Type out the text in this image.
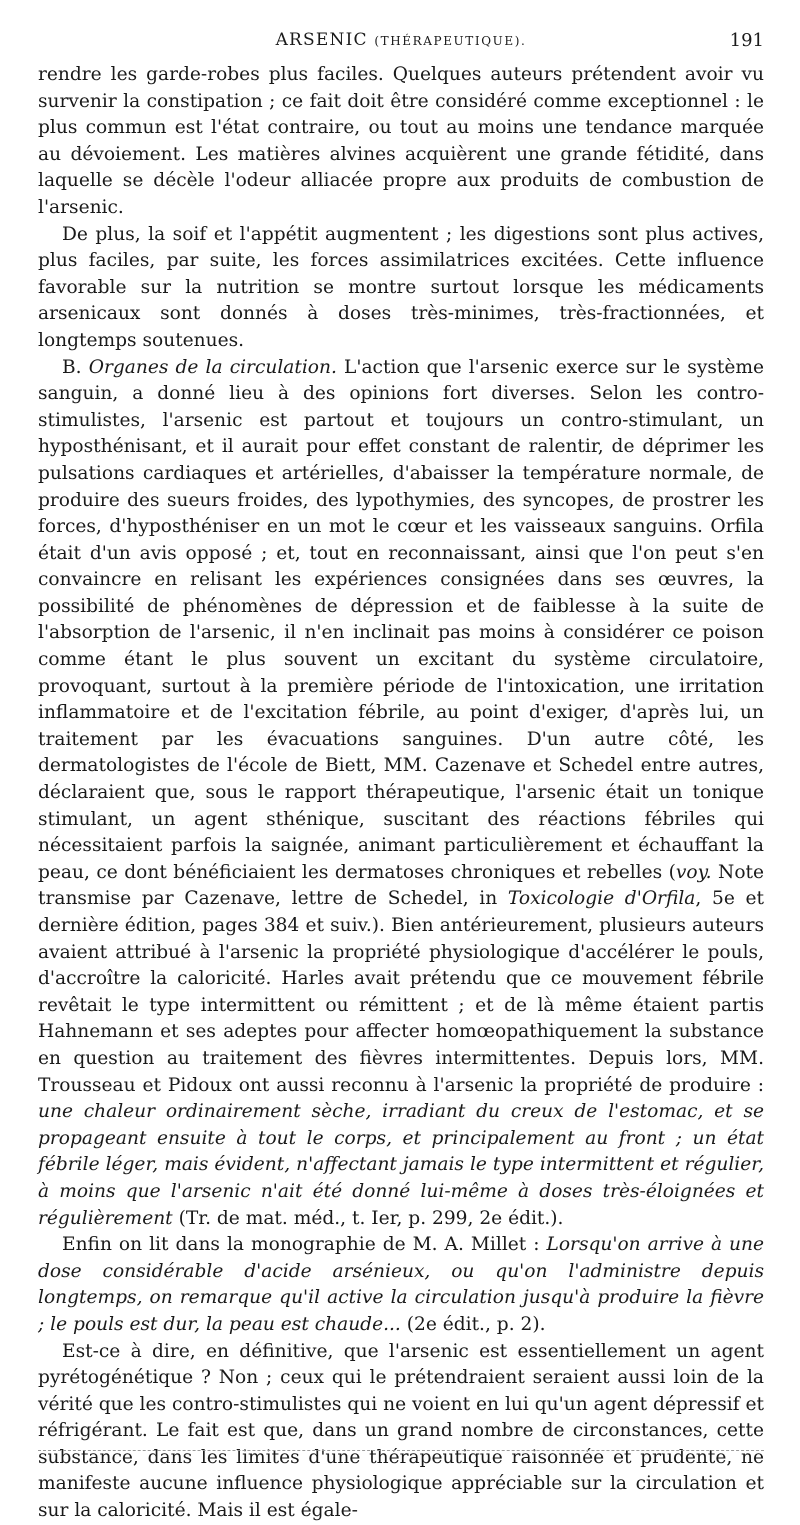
ARSENIC (THÉRAPEUTIQUE).	191

rendre les garde-robes plus faciles. Quelques auteurs prétendent avoir vu survenir la constipation ; ce fait doit être considéré comme exceptionnel : le plus commun est l'état contraire, ou tout au moins une tendance marquée au dévoiement. Les matières alvines acquièrent une grande fétidité, dans laquelle se décèle l'odeur alliacée propre aux produits de combustion de l'arsenic.

De plus, la soif et l'appétit augmentent ; les digestions sont plus actives, plus faciles, par suite, les forces assimilatrices excitées. Cette influence favorable sur la nutrition se montre surtout lorsque les médicaments arsenicaux sont donnés à doses très-minimes, très-fractionnées, et longtemps soutenues.

B. Organes de la circulation. L'action que l'arsenic exerce sur le système sanguin, a donné lieu à des opinions fort diverses. Selon les contro-stimulistes, l'arsenic est partout et toujours un contro-stimulant, un hyposthénisant, et il aurait pour effet constant de ralentir, de déprimer les pulsations cardiaques et artérielles, d'abaisser la température normale, de produire des sueurs froides, des lypothymies, des syncopes, de prostrer les forces, d'hyposthéniser en un mot le cœur et les vaisseaux sanguins. Orfila était d'un avis opposé ; et, tout en reconnaissant, ainsi que l'on peut s'en convaincre en relisant les expériences consignées dans ses œuvres, la possibilité de phénomènes de dépression et de faiblesse à la suite de l'absorption de l'arsenic, il n'en inclinait pas moins à considérer ce poison comme étant le plus souvent un excitant du système circulatoire, provoquant, surtout à la première période de l'intoxication, une irritation inflammatoire et de l'excitation fébrile, au point d'exiger, d'après lui, un traitement par les évacuations sanguines. D'un autre côté, les dermatologistes de l'école de Biett, MM. Cazenave et Schedel entre autres, déclaraient que, sous le rapport thérapeutique, l'arsenic était un tonique stimulant, un agent sthénique, suscitant des réactions fébriles qui nécessitaient parfois la saignée, animant particulièrement et échauffant la peau, ce dont bénéficiaient les dermatoses chroniques et rebelles (voy. Note transmise par Cazenave, lettre de Schedel, in Toxicologie d'Orfila, 5e et dernière édition, pages 384 et suiv.). Bien antérieurement, plusieurs auteurs avaient attribué à l'arsenic la propriété physiologique d'accélérer le pouls, d'accroître la caloricité. Harles avait prétendu que ce mouvement fébrile revêtait le type intermittent ou rémittent ; et de là même étaient partis Hahnemann et ses adeptes pour affecter homœopathiquement la substance en question au traitement des fièvres intermittentes. Depuis lors, MM. Trousseau et Pidoux ont aussi reconnu à l'arsenic la propriété de produire : une chaleur ordinairement sèche, irradiant du creux de l'estomac, et se propageant ensuite à tout le corps, et principalement au front ; un état fébrile léger, mais évident, n'affectant jamais le type intermittent et régulier, à moins que l'arsenic n'ait été donné lui-même à doses très-éloignées et régulièrement (Tr. de mat. méd., t. Ier, p. 299, 2e édit.).

Enfin on lit dans la monographie de M. A. Millet : Lorsqu'on arrive à une dose considérable d'acide arsénieux, ou qu'on l'administre depuis longtemps, on remarque qu'il active la circulation jusqu'à produire la fièvre ; le pouls est dur, la peau est chaude... (2e édit., p. 2).

Est-ce à dire, en définitive, que l'arsenic est essentiellement un agent pyrétogénétique ? Non ; ceux qui le prétendraient seraient aussi loin de la vérité que les contro-stimulistes qui ne voient en lui qu'un agent dépressif et réfrigérant. Le fait est que, dans un grand nombre de circonstances, cette substance, dans les limites d'une thérapeutique raisonnée et prudente, ne manifeste aucune influence physiologique appréciable sur la circulation et sur la caloricité. Mais il est égale-
